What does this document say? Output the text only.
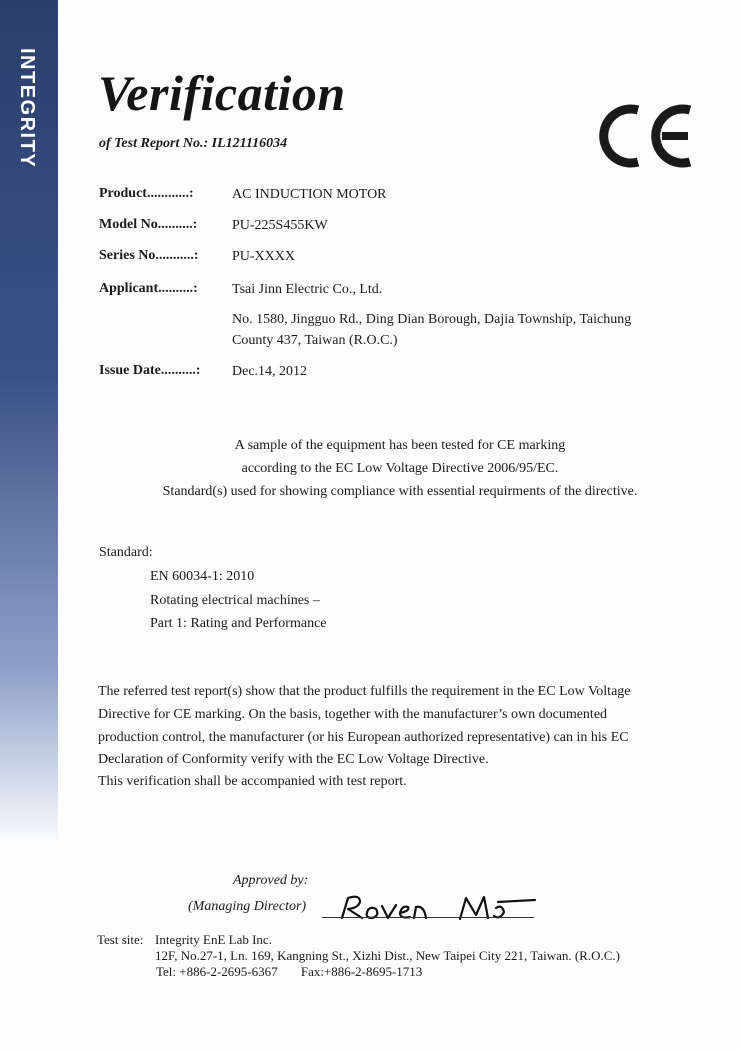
INTEGRITY Verification
of Test Report No.: IL121116034
Product............:	AC INDUCTION MOTOR
Model No..........: PU-225S455KW
Series No...........: PU-XXXX
Applicant..........: Tsai Jinn Electric Co., Ltd.
No. 1580, Jingguo Rd., Ding Dian Borough, Dajia Township, Taichung
County 437, Taiwan (R.O.C.)
Issue Date..........: Dec.14, 2012
A sample of the equipment has been tested for CE marking
according to the EC Low Voltage Directive 2006/95/EC.
Standard(s) used for showing compliance with essential requirments of the directive.
Standard:
EN 60034-1: 2010
Rotating electrical machines –
Part 1: Rating and Performance
The referred test report(s) show that the product fulfills the requirement in the EC Low Voltage
Directive for CE marking. On the basis, together with the manufacturer’s own documented
production control, the manufacturer (or his European authorized representative) can in his EC
Declaration of Conformity verify with the EC Low Voltage Directive.
This verification shall be accompanied with test report.
Approved by:
(Managing Director)
Test site: Integrity EnE Lab Inc.
12F, No.27-1, Ln. 169, Kangning St., Xizhi Dist., New Taipei City 221, Taiwan. (R.O.C.)
Tel: +886-2-2695-6367 Fax:+886-2-8695-1713
